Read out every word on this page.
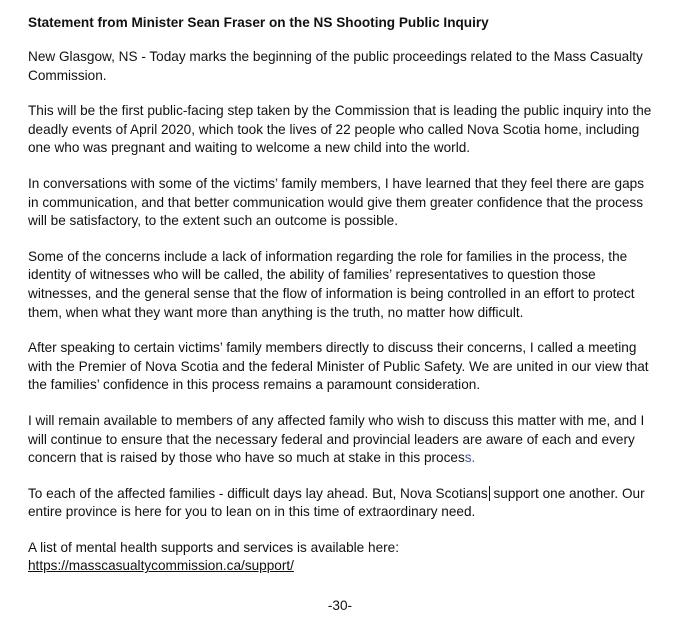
Statement from Minister Sean Fraser on the NS Shooting Public Inquiry

New Glasgow, NS - Today marks the beginning of the public proceedings related to the Mass Casualty Commission.

This will be the first public-facing step taken by the Commission that is leading the public inquiry into the deadly events of April 2020, which took the lives of 22 people who called Nova Scotia home, including one who was pregnant and waiting to welcome a new child into the world.

In conversations with some of the victims’ family members, I have learned that they feel there are gaps in communication, and that better communication would give them greater confidence that the process will be satisfactory, to the extent such an outcome is possible.

Some of the concerns include a lack of information regarding the role for families in the process, the identity of witnesses who will be called, the ability of families’ representatives to question those witnesses, and the general sense that the flow of information is being controlled in an effort to protect them, when what they want more than anything is the truth, no matter how difficult.

After speaking to certain victims’ family members directly to discuss their concerns, I called a meeting with the Premier of Nova Scotia and the federal Minister of Public Safety. We are united in our view that the families’ confidence in this process remains a paramount consideration.

I will remain available to members of any affected family who wish to discuss this matter with me, and I will continue to ensure that the necessary federal and provincial leaders are aware of each and every concern that is raised by those who have so much at stake in this process.

To each of the affected families - difficult days lay ahead. But, Nova Scotians support one another. Our entire province is here for you to lean on in this time of extraordinary need.

A list of mental health supports and services is available here:
https://masscasualtycommission.ca/support/

-30-
